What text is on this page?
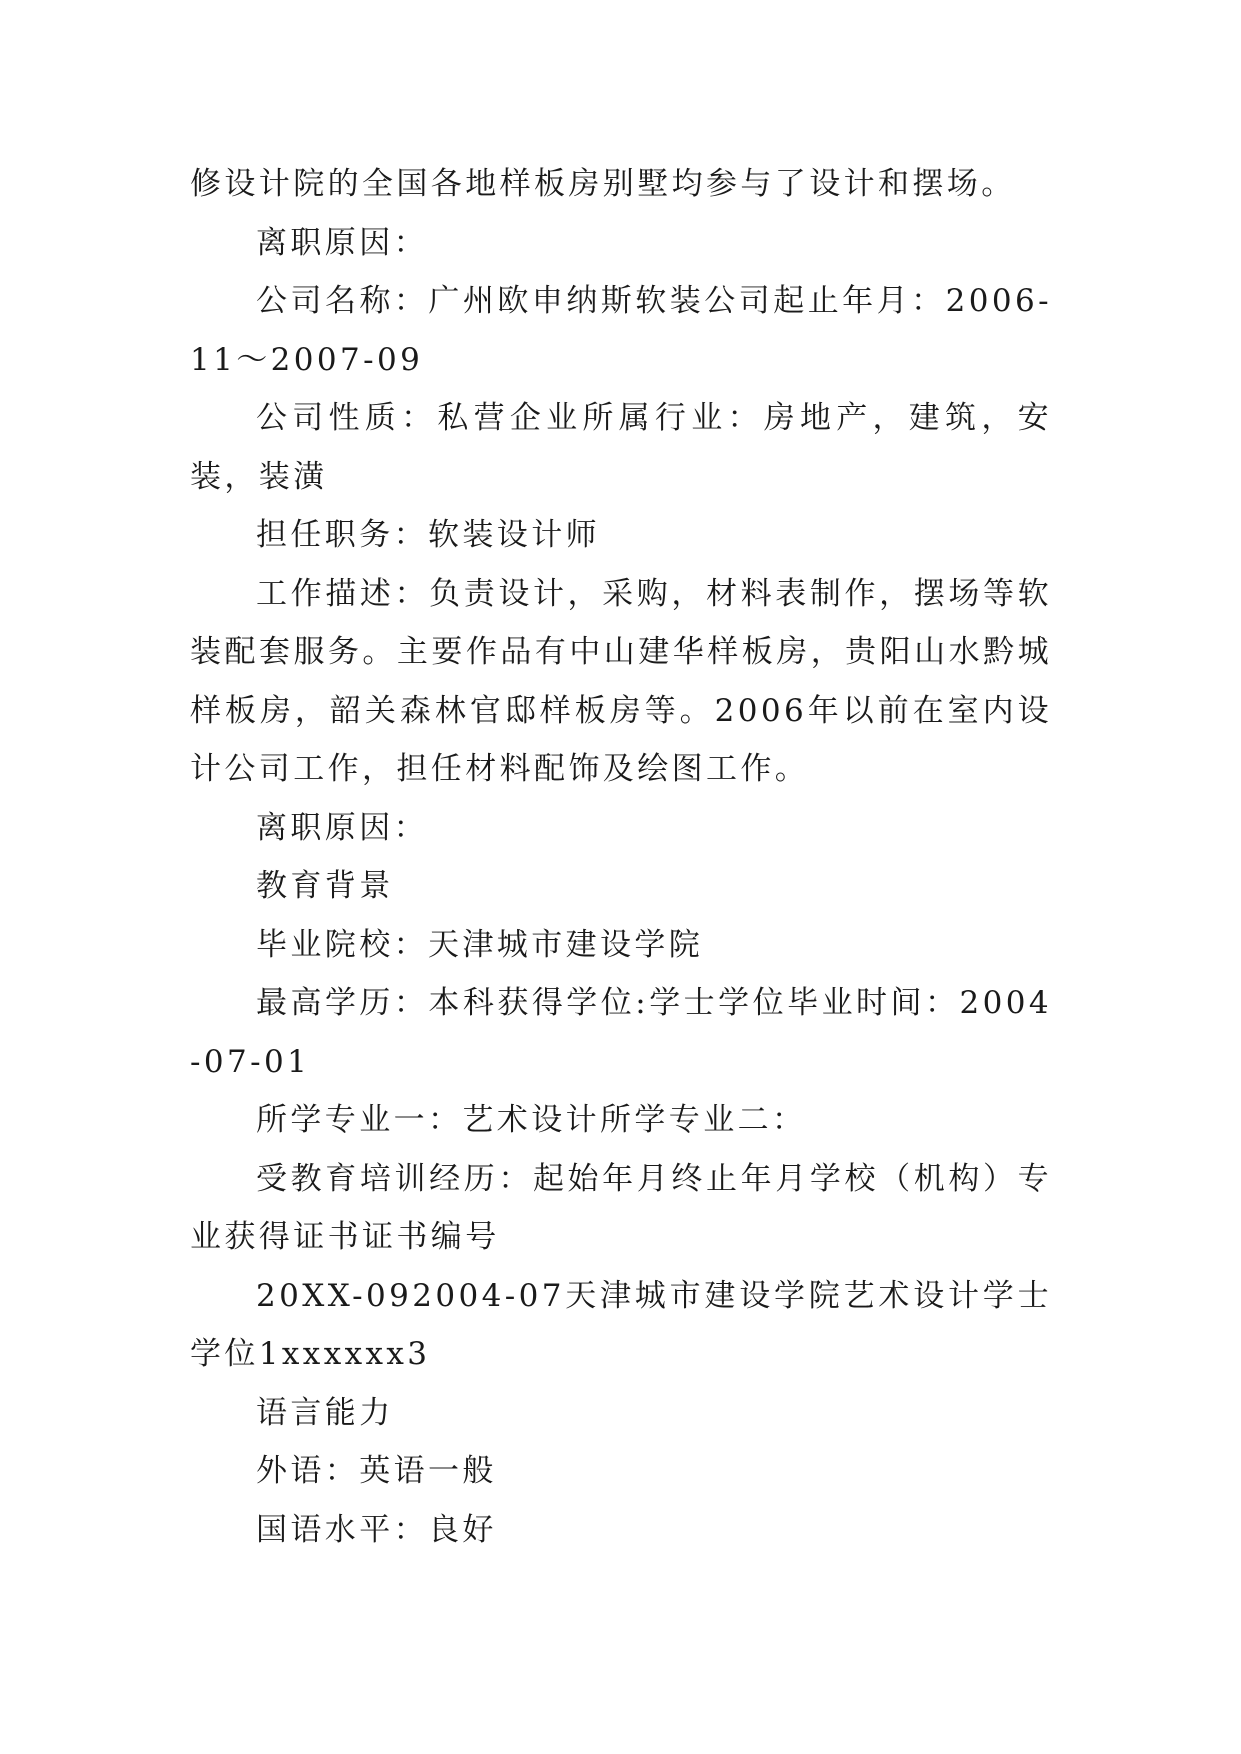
修设计院的全国各地样板房别墅均参与了设计和摆场。

离职原因：

公司名称：广州欧申纳斯软装公司起止年月：2006-11～2007-09

公司性质：私营企业所属行业：房地产，建筑，安装，装潢

担任职务：软装设计师

工作描述：负责设计，采购，材料表制作，摆场等软装配套服务。主要作品有中山建华样板房，贵阳山水黔城样板房，韶关森林官邸样板房等。2006年以前在室内设计公司工作，担任材料配饰及绘图工作。

离职原因：

教育背景

毕业院校：天津城市建设学院

最高学历：本科获得学位:学士学位毕业时间：2004-07-01

所学专业一：艺术设计所学专业二：

受教育培训经历：起始年月终止年月学校（机构）专业获得证书证书编号

20XX-092004-07天津城市建设学院艺术设计学士学位1xxxxxx3

语言能力

外语：英语一般

国语水平：良好
